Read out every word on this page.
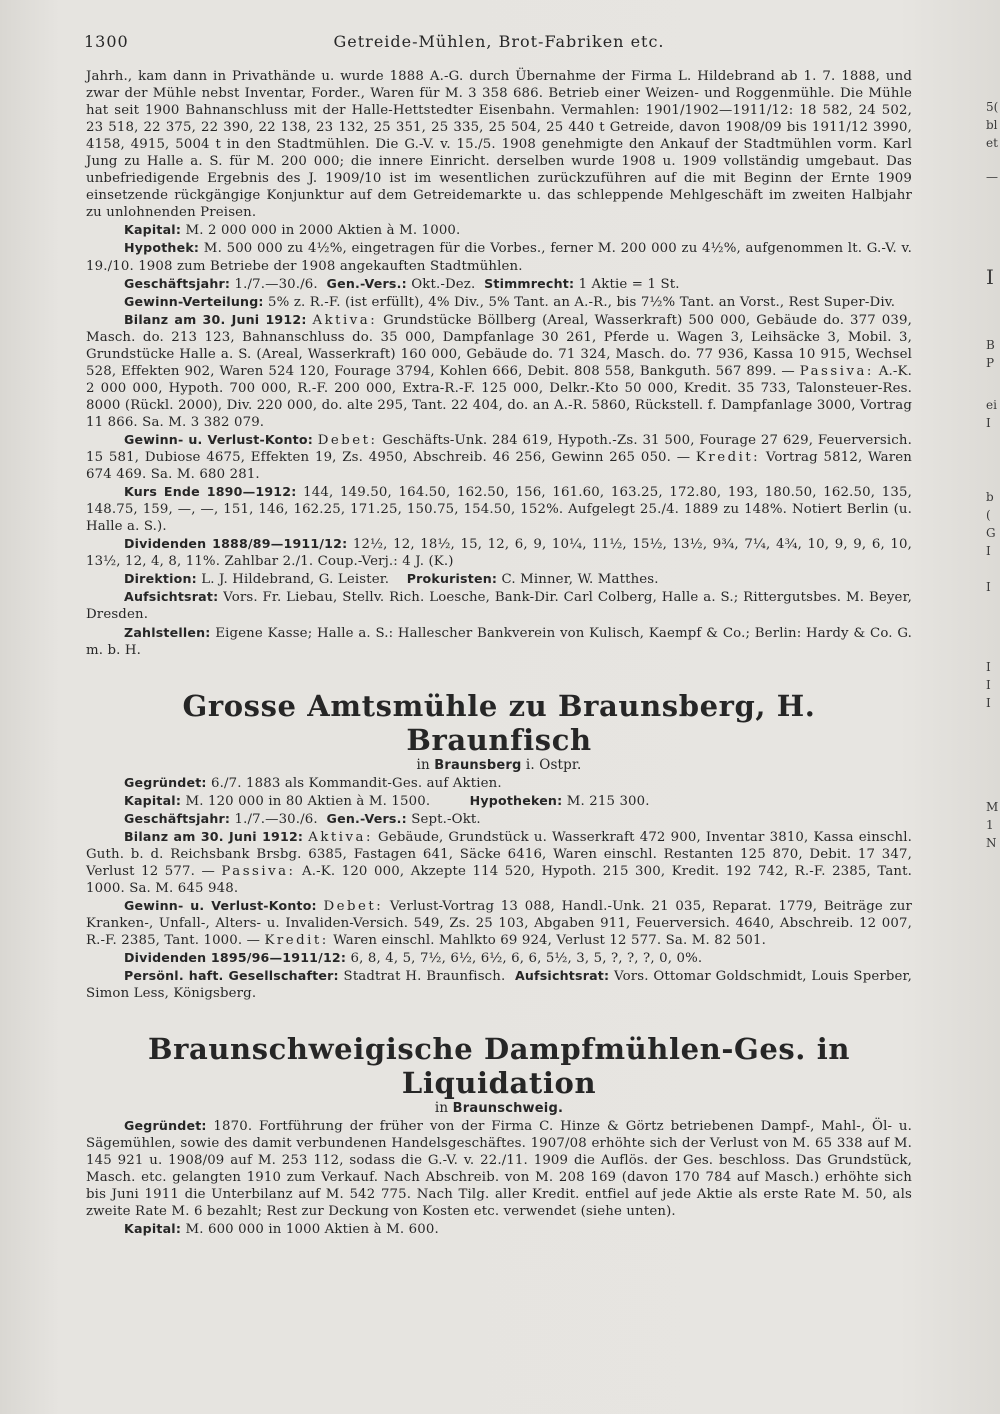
1300	Getreide-Mühlen, Brot-Fabriken etc.

Jahrh., kam dann in Privathände u. wurde 1888 A.-G. durch Übernahme der Firma L. Hildebrand ab 1. 7. 1888, und zwar der Mühle nebst Inventar, Forder., Waren für M. 3 358 686. Betrieb einer Weizen- und Roggenmühle. Die Mühle hat seit 1900 Bahnanschluss mit der Halle-Hettstedter Eisenbahn. Vermahlen: 1901/1902—1911/12: 18 582, 24 502, 23 518, 22 375, 22 390, 22 138, 23 132, 25 351, 25 335, 25 504, 25 440 t Getreide, davon 1908/09 bis 1911/12 3990, 4158, 4915, 5004 t in den Stadtmühlen. Die G.-V. v. 15./5. 1908 genehmigte den Ankauf der Stadtmühlen vorm. Karl Jung zu Halle a. S. für M. 200 000; die innere Einricht. derselben wurde 1908 u. 1909 vollständig umgebaut. Das unbefriedigende Ergebnis des J. 1909/10 ist im wesentlichen zurückzuführen auf die mit Beginn der Ernte 1909 einsetzende rückgängige Konjunktur auf dem Getreidemarkte u. das schleppende Mehlgeschäft im zweiten Halbjahr zu unlohnenden Preisen.

Kapital: M. 2 000 000 in 2000 Aktien à M. 1000.

Hypothek: M. 500 000 zu 4½%, eingetragen für die Vorbes., ferner M. 200 000 zu 4½%, aufgenommen lt. G.-V. v. 19./10. 1908 zum Betriebe der 1908 angekauften Stadtmühlen.

Geschäftsjahr: 1./7.—30./6. Gen.-Vers.: Okt.-Dez. Stimmrecht: 1 Aktie = 1 St.

Gewinn-Verteilung: 5% z. R.-F. (ist erfüllt), 4% Div., 5% Tant. an A.-R., bis 7½% Tant. an Vorst., Rest Super-Div.

Bilanz am 30. Juni 1912: Aktiva: Grundstücke Böllberg (Areal, Wasserkraft) 500 000, Gebäude do. 377 039, Masch. do. 213 123, Bahnanschluss do. 35 000, Dampfanlage 30 261, Pferde u. Wagen 3, Leihsäcke 3, Mobil. 3, Grundstücke Halle a. S. (Areal, Wasserkraft) 160 000, Gebäude do. 71 324, Masch. do. 77 936, Kassa 10 915, Wechsel 528, Effekten 902, Waren 524 120, Fourage 3794, Kohlen 666, Debit. 808 558, Bankguth. 567 899. — Passiva: A.-K. 2 000 000, Hypoth. 700 000, R.-F. 200 000, Extra-R.-F. 125 000, Delkr.-Kto 50 000, Kredit. 35 733, Talonsteuer-Res. 8000 (Rückl. 2000), Div. 220 000, do. alte 295, Tant. 22 404, do. an A.-R. 5860, Rückstell. f. Dampfanlage 3000, Vortrag 11 866. Sa. M. 3 382 079.

Gewinn- u. Verlust-Konto: Debet: Geschäfts-Unk. 284 619, Hypoth.-Zs. 31 500, Fourage 27 629, Feuerversich. 15 581, Dubiose 4675, Effekten 19, Zs. 4950, Abschreib. 46 256, Gewinn 265 050. — Kredit: Vortrag 5812, Waren 674 469. Sa. M. 680 281.

Kurs Ende 1890—1912: 144, 149.50, 164.50, 162.50, 156, 161.60, 163.25, 172.80, 193, 180.50, 162.50, 135, 148.75, 159, —, —, 151, 146, 162.25, 171.25, 150.75, 154.50, 152%. Aufgelegt 25./4. 1889 zu 148%. Notiert Berlin (u. Halle a. S.).

Dividenden 1888/89—1911/12: 12½, 12, 18½, 15, 12, 6, 9, 10¼, 11½, 15½, 13½, 9¾, 7¼, 4¾, 10, 9, 9, 6, 10, 13½, 12, 4, 8, 11%. Zahlbar 2./1. Coup.-Verj.: 4 J. (K.)

Direktion: L. J. Hildebrand, G. Leister. Prokuristen: C. Minner, W. Matthes.

Aufsichtsrat: Vors. Fr. Liebau, Stellv. Rich. Loesche, Bank-Dir. Carl Colberg, Halle a. S.; Rittergutsbes. M. Beyer, Dresden.

Zahlstellen: Eigene Kasse; Halle a. S.: Hallescher Bankverein von Kulisch, Kaempf & Co.; Berlin: Hardy & Co. G. m. b. H.

Grosse Amtsmühle zu Braunsberg, H. Braunfisch

in Braunsberg i. Ostpr.

Gegründet: 6./7. 1883 als Kommandit-Ges. auf Aktien.

Kapital: M. 120 000 in 80 Aktien à M. 1500.	Hypotheken: M. 215 300.

Geschäftsjahr: 1./7.—30./6. Gen.-Vers.: Sept.-Okt.

Bilanz am 30. Juni 1912: Aktiva: Gebäude, Grundstück u. Wasserkraft 472 900, Inventar 3810, Kassa einschl. Guth. b. d. Reichsbank Brsbg. 6385, Fastagen 641, Säcke 6416, Waren einschl. Restanten 125 870, Debit. 17 347, Verlust 12 577. — Passiva: A.-K. 120 000, Akzepte 114 520, Hypoth. 215 300, Kredit. 192 742, R.-F. 2385, Tant. 1000. Sa. M. 645 948.

Gewinn- u. Verlust-Konto: Debet: Verlust-Vortrag 13 088, Handl.-Unk. 21 035, Reparat. 1779, Beiträge zur Kranken-, Unfall-, Alters- u. Invaliden-Versich. 549, Zs. 25 103, Abgaben 911, Feuerversich. 4640, Abschreib. 12 007, R.-F. 2385, Tant. 1000. — Kredit: Waren einschl. Mahlkto 69 924, Verlust 12 577. Sa. M. 82 501.

Dividenden 1895/96—1911/12: 6, 8, 4, 5, 7½, 6½, 6½, 6, 6, 5½, 3, 5, ?, ?, ?, 0, 0%.

Persönl. haft. Gesellschafter: Stadtrat H. Braunfisch. Aufsichtsrat: Vors. Ottomar Goldschmidt, Louis Sperber, Simon Less, Königsberg.

Braunschweigische Dampfmühlen-Ges. in Liquidation

in Braunschweig.

Gegründet: 1870. Fortführung der früher von der Firma C. Hinze & Görtz betriebenen Dampf-, Mahl-, Öl- u. Sägemühlen, sowie des damit verbundenen Handelsgeschäftes. 1907/08 erhöhte sich der Verlust von M. 65 338 auf M. 145 921 u. 1908/09 auf M. 253 112, sodass die G.-V. v. 22./11. 1909 die Auflös. der Ges. beschloss. Das Grundstück, Masch. etc. gelangten 1910 zum Verkauf. Nach Abschreib. von M. 208 169 (davon 170 784 auf Masch.) erhöhte sich bis Juni 1911 die Unterbilanz auf M. 542 775. Nach Tilg. aller Kredit. entfiel auf jede Aktie als erste Rate M. 50, als zweite Rate M. 6 bezahlt; Rest zur Deckung von Kosten etc. verwendet (siehe unten).

Kapital: M. 600 000 in 1000 Aktien à M. 600.

5(
bl
et
—
I
B
P
ei
I
b
(
G
I
I
I
I
I
M
1
N
